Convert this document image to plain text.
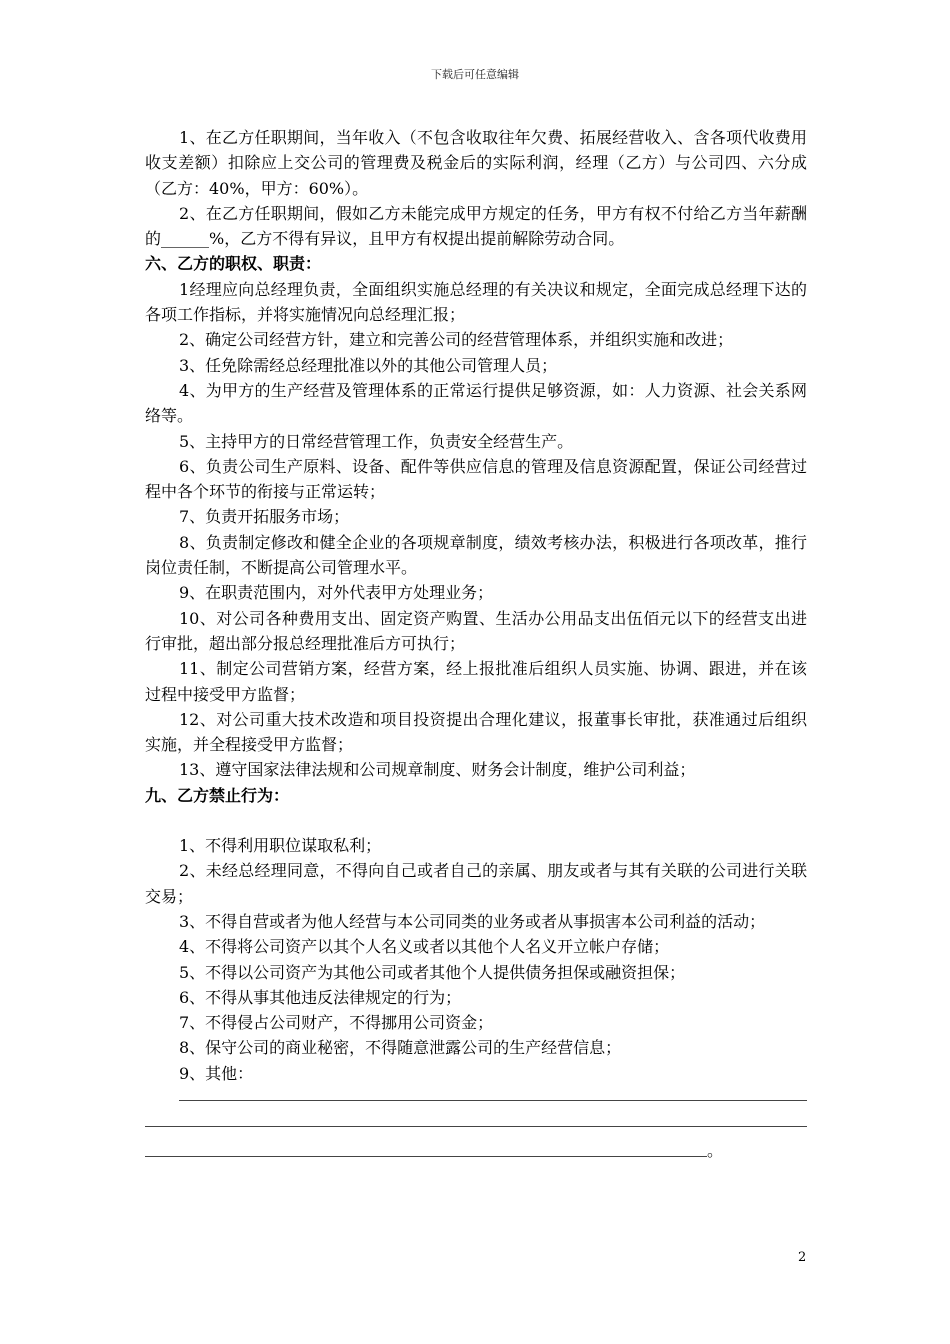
下载后可任意编辑

1、在乙方任职期间，当年收入（不包含收取往年欠费、拓展经营收入、含各项代收费用收支差额）扣除应上交公司的管理费及税金后的实际利润，经理（乙方）与公司四、六分成（乙方：40%，甲方：60%）。

2、在乙方任职期间，假如乙方未能完成甲方规定的任务，甲方有权不付给乙方当年薪酬的______%，乙方不得有异议，且甲方有权提出提前解除劳动合同。

六、乙方的职权、职责：

1经理应向总经理负责，全面组织实施总经理的有关决议和规定，全面完成总经理下达的各项工作指标，并将实施情况向总经理汇报；

2、确定公司经营方针，建立和完善公司的经营管理体系，并组织实施和改进；

3、任免除需经总经理批准以外的其他公司管理人员；

4、为甲方的生产经营及管理体系的正常运行提供足够资源，如：人力资源、社会关系网络等。

5、主持甲方的日常经营管理工作，负责安全经营生产。

6、负责公司生产原料、设备、配件等供应信息的管理及信息资源配置，保证公司经营过程中各个环节的衔接与正常运转；

7、负责开拓服务市场；

8、负责制定修改和健全企业的各项规章制度，绩效考核办法，积极进行各项改革，推行岗位责任制，不断提高公司管理水平。

9、在职责范围内，对外代表甲方处理业务；

10、对公司各种费用支出、固定资产购置、生活办公用品支出伍佰元以下的经营支出进行审批，超出部分报总经理批准后方可执行；

11、制定公司营销方案，经营方案，经上报批准后组织人员实施、协调、跟进，并在该过程中接受甲方监督；

12、对公司重大技术改造和项目投资提出合理化建议，报董事长审批，获准通过后组织实施，并全程接受甲方监督；

13、遵守国家法律法规和公司规章制度、财务会计制度，维护公司利益；

九、乙方禁止行为：

1、不得利用职位谋取私利；

2、未经总经理同意，不得向自己或者自己的亲属、朋友或者与其有关联的公司进行关联交易；

3、不得自营或者为他人经营与本公司同类的业务或者从事损害本公司利益的活动；

4、不得将公司资产以其个人名义或者以其他个人名义开立帐户存储；

5、不得以公司资产为其他公司或者其他个人提供债务担保或融资担保；

6、不得从事其他违反法律规定的行为；

7、不得侵占公司财产，不得挪用公司资金；

8、保守公司的商业秘密，不得随意泄露公司的生产经营信息；

9、其他：

。
2
